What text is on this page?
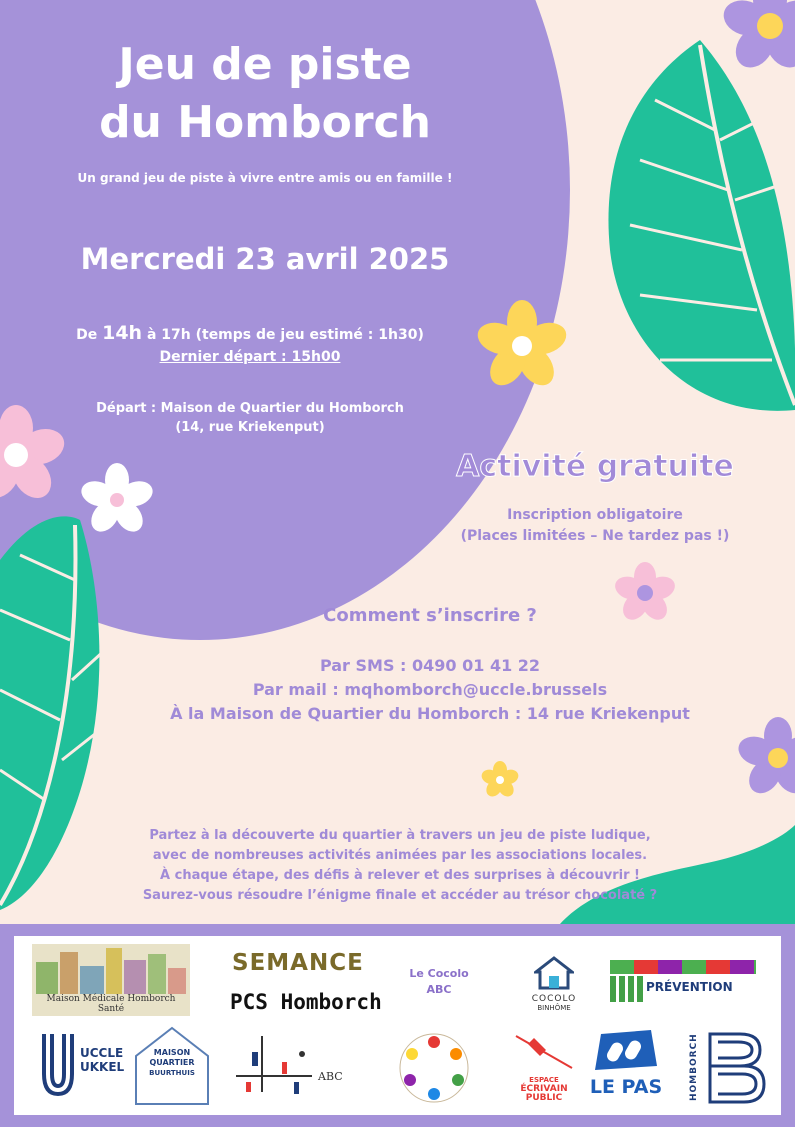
Jeu de piste
du Homborch
Un grand jeu de piste à vivre entre amis ou en famille !
Mercredi 23 avril 2025
De 14h à 17h (temps de jeu estimé : 1h30)
Dernier départ : 15h00
Départ : Maison de Quartier du Homborch
(14, rue Kriekenput)
Activité gratuite
Inscription obligatoire
(Places limitées – Ne tardez pas !)
Comment s’inscrire ?
Par SMS : 0490 01 41 22
Par mail : mqhomborch@uccle.brussels
À la Maison de Quartier du Homborch : 14 rue Kriekenput
Partez à la découverte du quartier à travers un jeu de piste ludique,
avec de nombreuses activités animées par les associations locales.
À chaque étape, des défis à relever et des surprises à découvrir !
Saurez-vous résoudre l’énigme finale et accéder au trésor chocolaté ?
Maison Médicale Homborch Santé
SEMANCE
PCS Homborch
Le Cocolo
ABC
COCOLO
BINHÔME
PRÉVENTION
UCCLE
UKKEL
MAISON
QUARTIER
BUURTHUIS	ABC	ESPACE
ÉCRIVAIN
PUBLIC	LE PAS	HOMBORCH
